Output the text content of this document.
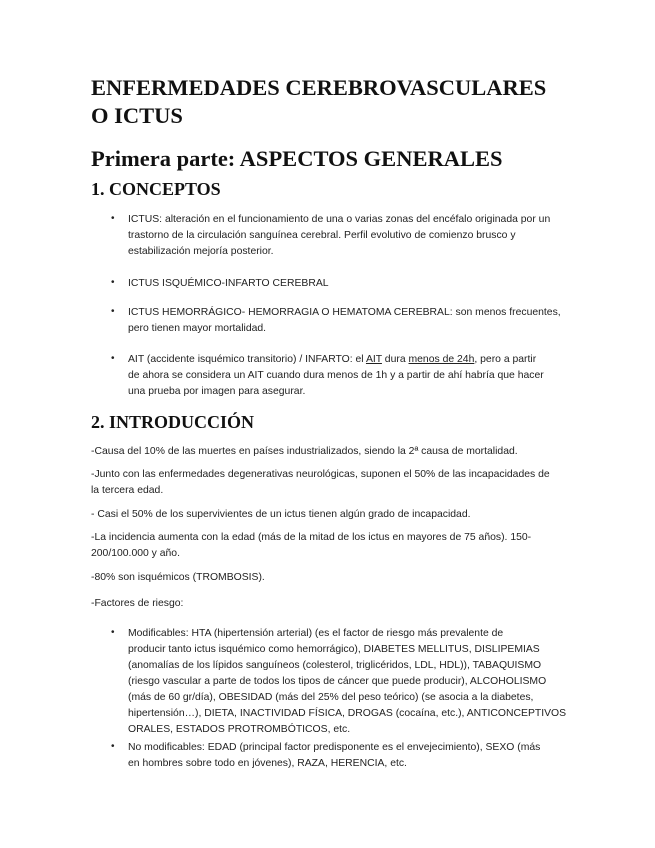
ENFERMEDADES CEREBROVASCULARES
O ICTUS

Primera parte: ASPECTOS GENERALES

1. CONCEPTOS

• ICTUS: alteración en el funcionamiento de una o varias zonas del encéfalo originada por un
trastorno de la circulación sanguínea cerebral. Perfil evolutivo de comienzo brusco y
estabilización mejoría posterior.

• ICTUS ISQUÉMICO-INFARTO CEREBRAL

• ICTUS HEMORRÁGICO- HEMORRAGIA O HEMATOMA CEREBRAL: son menos frecuentes,
pero tienen mayor mortalidad.

• AIT (accidente isquémico transitorio) / INFARTO: el AIT dura menos de 24h, pero a partir
de ahora se considera un AIT cuando dura menos de 1h y a partir de ahí habría que hacer
una prueba por imagen para asegurar.

2. INTRODUCCIÓN

-Causa del 10% de las muertes en países industrializados, siendo la 2ª causa de mortalidad.

-Junto con las enfermedades degenerativas neurológicas, suponen el 50% de las incapacidades de
la tercera edad.

- Casi el 50% de los supervivientes de un ictus tienen algún grado de incapacidad.

-La incidencia aumenta con la edad (más de la mitad de los ictus en mayores de 75 años). 150-
200/100.000 y año.

-80% son isquémicos (TROMBOSIS).

-Factores de riesgo:

• Modificables: HTA (hipertensión arterial) (es el factor de riesgo más prevalente de
producir tanto ictus isquémico como hemorrágico), DIABETES MELLITUS, DISLIPEMIAS
(anomalías de los lípidos sanguíneos (colesterol, triglicéridos, LDL, HDL)), TABAQUISMO
(riesgo vascular a parte de todos los tipos de cáncer que puede producir), ALCOHOLISMO
(más de 60 gr/día), OBESIDAD (más del 25% del peso teórico) (se asocia a la diabetes,
hipertensión…), DIETA, INACTIVIDAD FÍSICA, DROGAS (cocaína, etc.), ANTICONCEPTIVOS
ORALES, ESTADOS PROTROMBÓTICOS, etc.

• No modificables: EDAD (principal factor predisponente es el envejecimiento), SEXO (más
en hombres sobre todo en jóvenes), RAZA, HERENCIA, etc.
